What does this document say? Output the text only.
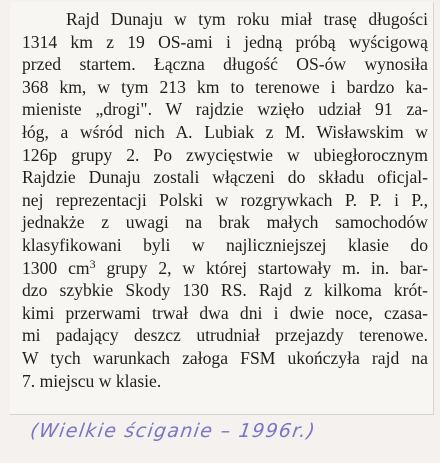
Rajd Dunaju w tym roku miał trasę długości
1314 km z 19 OS-ami i jedną próbą wyścigową
przed startem. Łączna długość OS-ów wynosiła
368 km, w tym 213 km to terenowe i bardzo ka-
mieniste „drogi". W rajdzie wzięło udział 91 za-
łóg, a wśród nich A. Lubiak z M. Wisławskim w
126p grupy 2. Po zwycięstwie w ubiegłorocznym
Rajdzie Dunaju zostali włączeni do składu oficjal-
nej reprezentacji Polski w rozgrywkach P. P. i P.,
jednakże z uwagi na brak małych samochodów
klasyfikowani byli w najliczniejszej klasie do
1300 $cm^3$ grupy 2, w której startowały m. in. bar-
dzo szybkie Skody 130 RS. Rajd z kilkoma krót-
kimi przerwami trwał dwa dni i dwie noce, czasa-
mi padający deszcz utrudniał przejazdy terenowe.
W tych warunkach załoga FSM ukończyła rajd na
7. miejscu w klasie.
(Wielkie ściganie – 1996r.)
